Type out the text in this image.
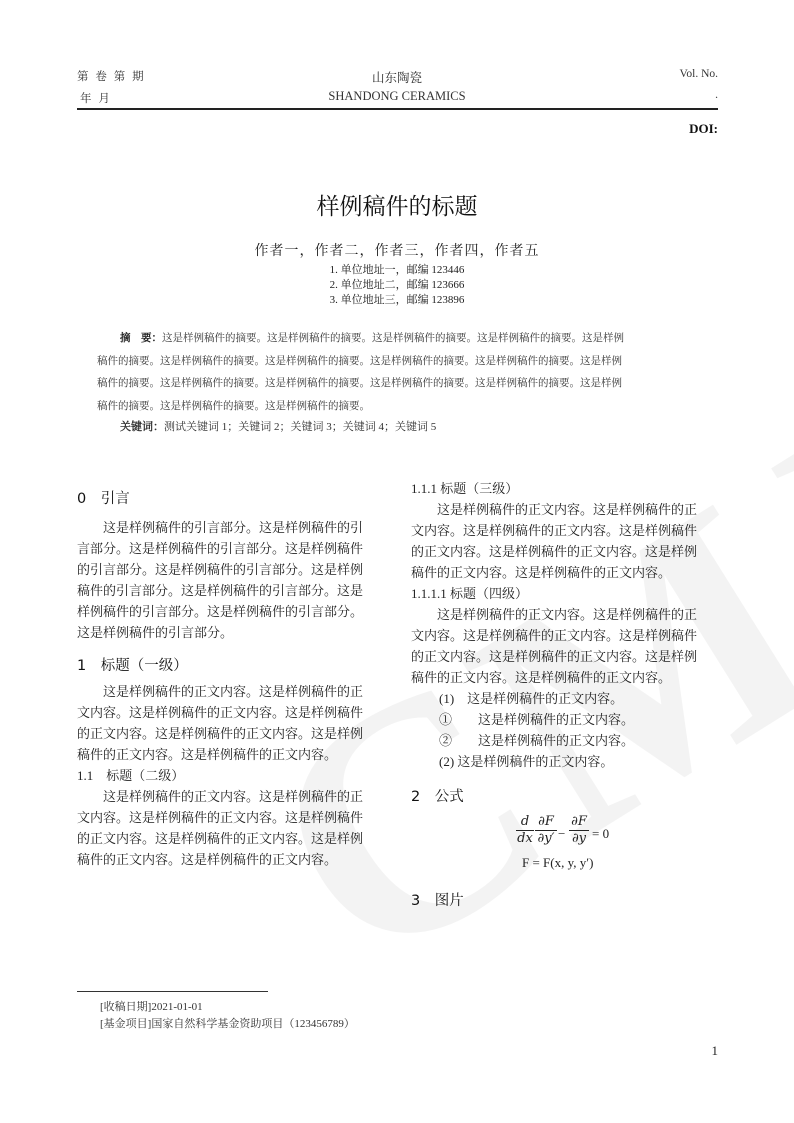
第 卷 第 期
年 月
山东陶瓷
SHANDONG CERAMICS
Vol. No.
.
DOI:
样例稿件的标题
作者一，作者二，作者三，作者四，作者五
1. 单位地址一，邮编 123446
2. 单位地址二，邮编 123666
3. 单位地址三，邮编 123896
摘　要：这是样例稿件的摘要。这是样例稿件的摘要。这是样例稿件的摘要。这是样例稿件的摘要。这是样例
稿件的摘要。这是样例稿件的摘要。这是样例稿件的摘要。这是样例稿件的摘要。这是样例稿件的摘要。这是样例
稿件的摘要。这是样例稿件的摘要。这是样例稿件的摘要。这是样例稿件的摘要。这是样例稿件的摘要。这是样例
稿件的摘要。这是样例稿件的摘要。这是样例稿件的摘要。
关键词：测试关键词 1；关键词 2；关键词 3；关键词 4；关键词 5
0　引言
　　这是样例稿件的引言部分。这是样例稿件的引
言部分。这是样例稿件的引言部分。这是样例稿件
的引言部分。这是样例稿件的引言部分。这是样例
稿件的引言部分。这是样例稿件的引言部分。这是
样例稿件的引言部分。这是样例稿件的引言部分。
这是样例稿件的引言部分。
1　标题（一级）
　　这是样例稿件的正文内容。这是样例稿件的正
文内容。这是样例稿件的正文内容。这是样例稿件
的正文内容。这是样例稿件的正文内容。这是样例
稿件的正文内容。这是样例稿件的正文内容。
1.1　标题（二级）
　　这是样例稿件的正文内容。这是样例稿件的正
文内容。这是样例稿件的正文内容。这是样例稿件
的正文内容。这是样例稿件的正文内容。这是样例
稿件的正文内容。这是样例稿件的正文内容。
1.1.1 标题（三级）
　　这是样例稿件的正文内容。这是样例稿件的正
文内容。这是样例稿件的正文内容。这是样例稿件
的正文内容。这是样例稿件的正文内容。这是样例
稿件的正文内容。这是样例稿件的正文内容。
1.1.1.1 标题（四级）
　　这是样例稿件的正文内容。这是样例稿件的正
文内容。这是样例稿件的正文内容。这是样例稿件
的正文内容。这是样例稿件的正文内容。这是样例
稿件的正文内容。这是样例稿件的正文内容。
(1)　这是样例稿件的正文内容。
①　　这是样例稿件的正文内容。
②　　这是样例稿件的正文内容。
(2) 这是样例稿件的正文内容。
2　公式
d
dx
∂F
∂y′ −
∂F
∂y = 0
F = F(x, y, y′)
3　图片
[收稿日期]2021-01-01
[基金项目]国家自然科学基金资助项目（123456789）
1
